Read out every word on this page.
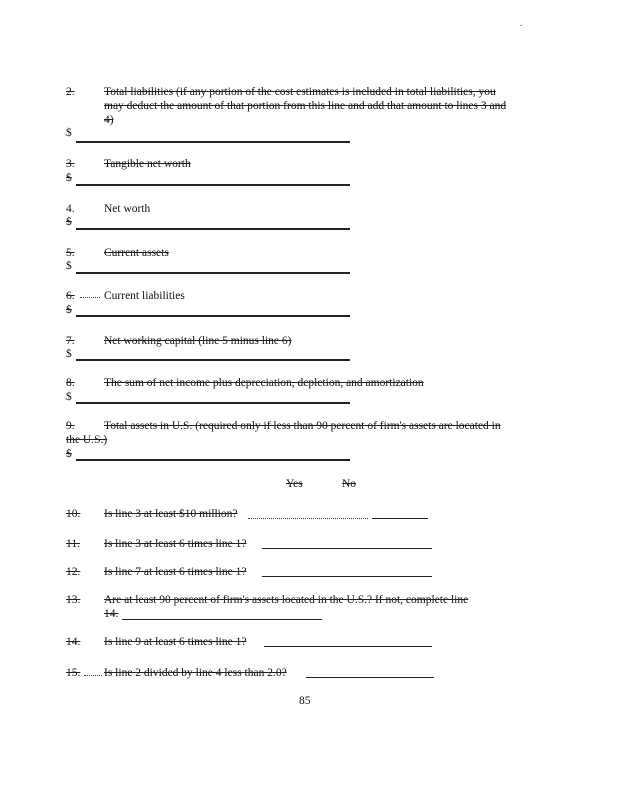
.
2.	Total liabilities (if any portion of the cost estimates is included in total liabilities, you
may deduct the amount of that portion from this line and add that amount to lines 3 and
4)
$
3.	Tangible net worth
$
4.	Net worth
$
5.	Current assets
$
6.	Current liabilities
$
7.	Net working capital (line 5 minus line 6)
$
8.	The sum of net income plus depreciation, depletion, and amortization
$
9.	Total assets in U.S. (required only if less than 90 percent of firm's assets are located in
the U.S.)
$
Yes	No
10. Is line 3 at least $10 million?
11. Is line 3 at least 6 times line 1?
12. Is line 7 at least 6 times line 1?
13. Are at least 90 percent of firm's assets located in the U.S.? If not, complete line
14.
14. Is line 9 at least 6 times line 1?
15. Is line 2 divided by line 4 less than 2.0?
85
